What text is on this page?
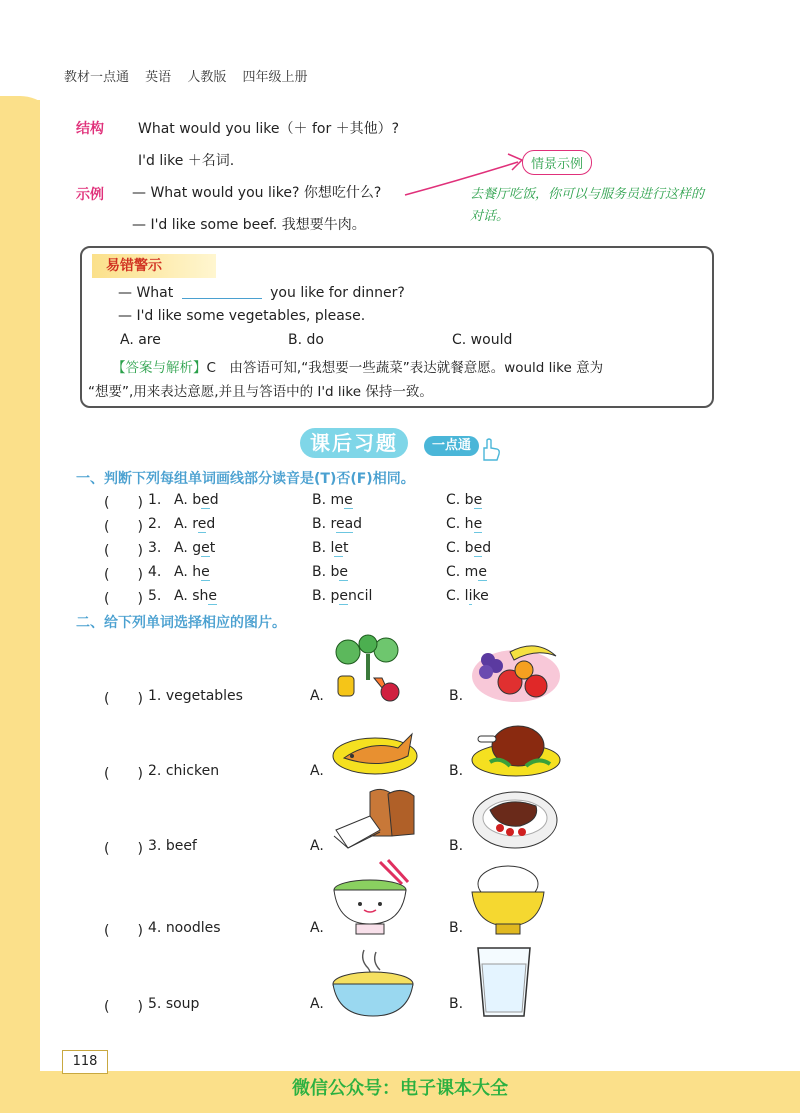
教材一点通 英语 人教版 四年级上册
结构 What would you like（＋ for ＋其他）?
I'd like ＋名词.
示例 — What would you like? 你想吃什么?
— I'd like some beef. 我想要牛肉。
情景示例
去餐厅吃饭，你可以与服务员进行这样的对话。
易错警示
— What	you like for dinner?
— I'd like some vegetables, please.
A. are	B. do	C. would
【答案与解析】C　由答语可知,“我想要一些蔬菜”表达就餐意愿。would like 意为
“想要”,用来表达意愿,并且与答语中的 I'd like 保持一致。
课后习题	一点通
一、判断下列每组单词画线部分读音是(T)否(F)相同。
(　　) 1. A. bed	B. me	C. be
(　　) 2. A. red	B. read	C. he
(　　) 3. A. get	B. let	C. bed
(　　) 4. A. he	B. be	C. me
(　　) 5. A. she	B. pencil	C. like
二、给下列单词选择相应的图片。
(　　) 1. vegetables	A.	B.
(　　) 2. chicken	A.	B.
(　　) 3. beef	A.	B.
(　　) 4. noodles	A.	B.
(　　) 5. soup	A.	B.
118
微信公众号：电子课本大全
